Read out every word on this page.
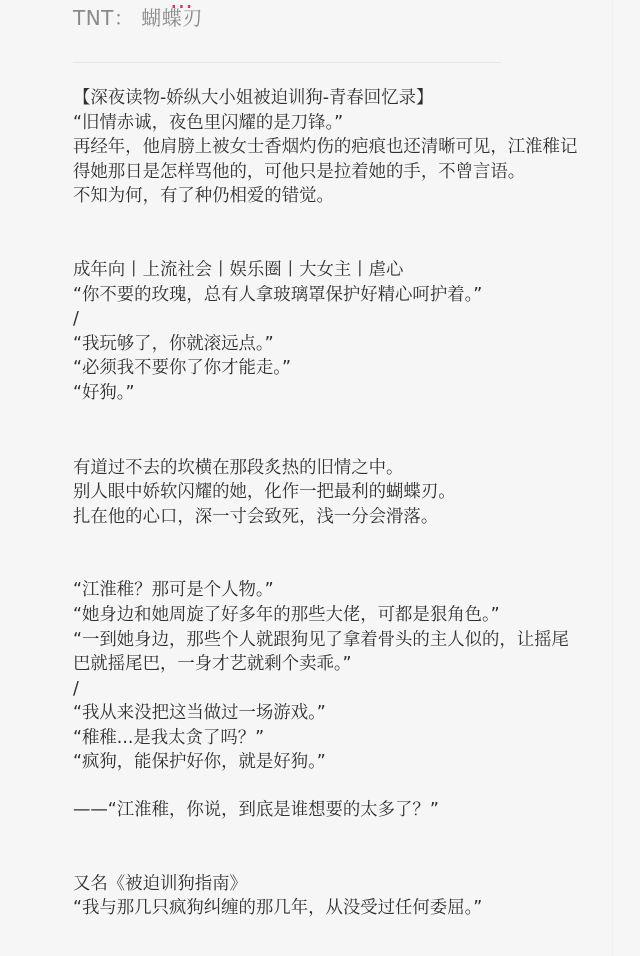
...
TNT： 蝴蝶刃

【深夜读物-娇纵大小姐被迫训狗-青春回忆录】

“旧情赤诚，夜色里闪耀的是刀锋。”

再经年，他肩膀上被女士香烟灼伤的疤痕也还清晰可见，江淮稚记得她那日是怎样骂他的，可他只是拉着她的手，不曾言语。

不知为何，有了种仍相爱的错觉。

成年向丨上流社会丨娱乐圈丨大女主丨虐心

“你不要的玫瑰，总有人拿玻璃罩保护好精心呵护着。”

/

“我玩够了，你就滚远点。”

“必须我不要你了你才能走。”

“好狗。”

有道过不去的坎横在那段炙热的旧情之中。

别人眼中娇软闪耀的她，化作一把最利的蝴蝶刃。

扎在他的心口，深一寸会致死，浅一分会滑落。

“江淮稚？那可是个人物。”

“她身边和她周旋了好多年的那些大佬，可都是狠角色。”

“一到她身边，那些个人就跟狗见了拿着骨头的主人似的，让摇尾巴就摇尾巴，一身才艺就剩个卖乖。”

/

“我从来没把这当做过一场游戏。”

“稚稚...是我太贪了吗？”

“疯狗，能保护好你，就是好狗。”

——“江淮稚，你说，到底是谁想要的太多了？”

又名《被迫训狗指南》

“我与那几只疯狗纠缠的那几年，从没受过任何委屈。”
